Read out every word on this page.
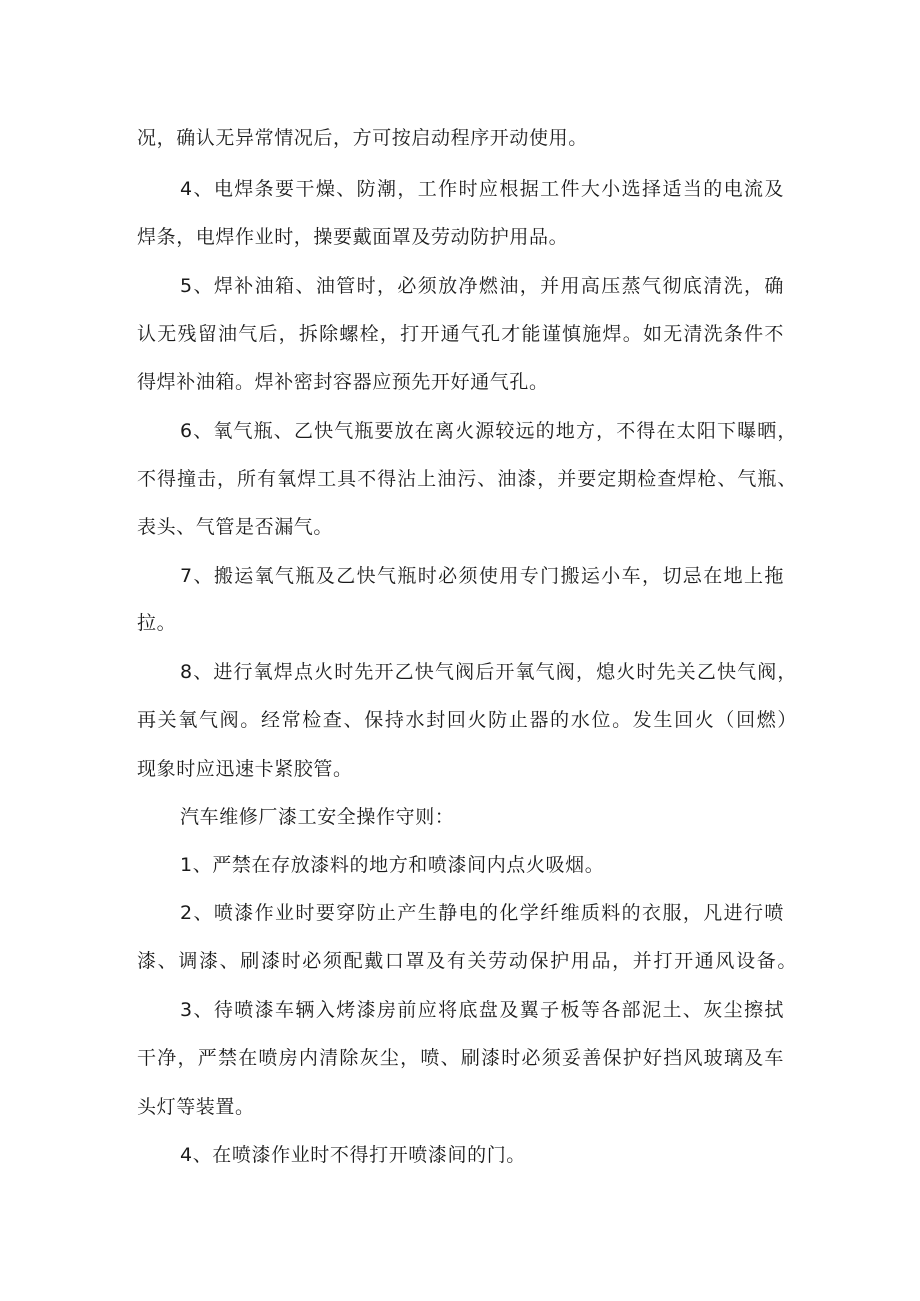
况，确认无异常情况后，方可按启动程序开动使用。
4、电焊条要干燥、防潮，工作时应根据工件大小选择适当的电流及
焊条，电焊作业时，操要戴面罩及劳动防护用品。
5、焊补油箱、油管时，必须放净燃油，并用高压蒸气彻底清洗，确
认无残留油气后，拆除螺栓，打开通气孔才能谨慎施焊。如无清洗条件不
得焊补油箱。焊补密封容器应预先开好通气孔。
6、氧气瓶、乙快气瓶要放在离火源较远的地方，不得在太阳下曝晒，
不得撞击，所有氧焊工具不得沾上油污、油漆，并要定期检查焊枪、气瓶、
表头、气管是否漏气。
7、搬运氧气瓶及乙快气瓶时必须使用专门搬运小车，切忌在地上拖
拉。
8、进行氧焊点火时先开乙快气阀后开氧气阀，熄火时先关乙快气阀，
再关氧气阀。经常检查、保持水封回火防止器的水位。发生回火（回燃）
现象时应迅速卡紧胶管。
汽车维修厂漆工安全操作守则：
1、严禁在存放漆料的地方和喷漆间内点火吸烟。
2、喷漆作业时要穿防止产生静电的化学纤维质料的衣服，凡进行喷
漆、调漆、刷漆时必须配戴口罩及有关劳动保护用品，并打开通风设备。
3、待喷漆车辆入烤漆房前应将底盘及翼子板等各部泥土、灰尘擦拭
干净，严禁在喷房内清除灰尘，喷、刷漆时必须妥善保护好挡风玻璃及车
头灯等装置。
4、在喷漆作业时不得打开喷漆间的门。
